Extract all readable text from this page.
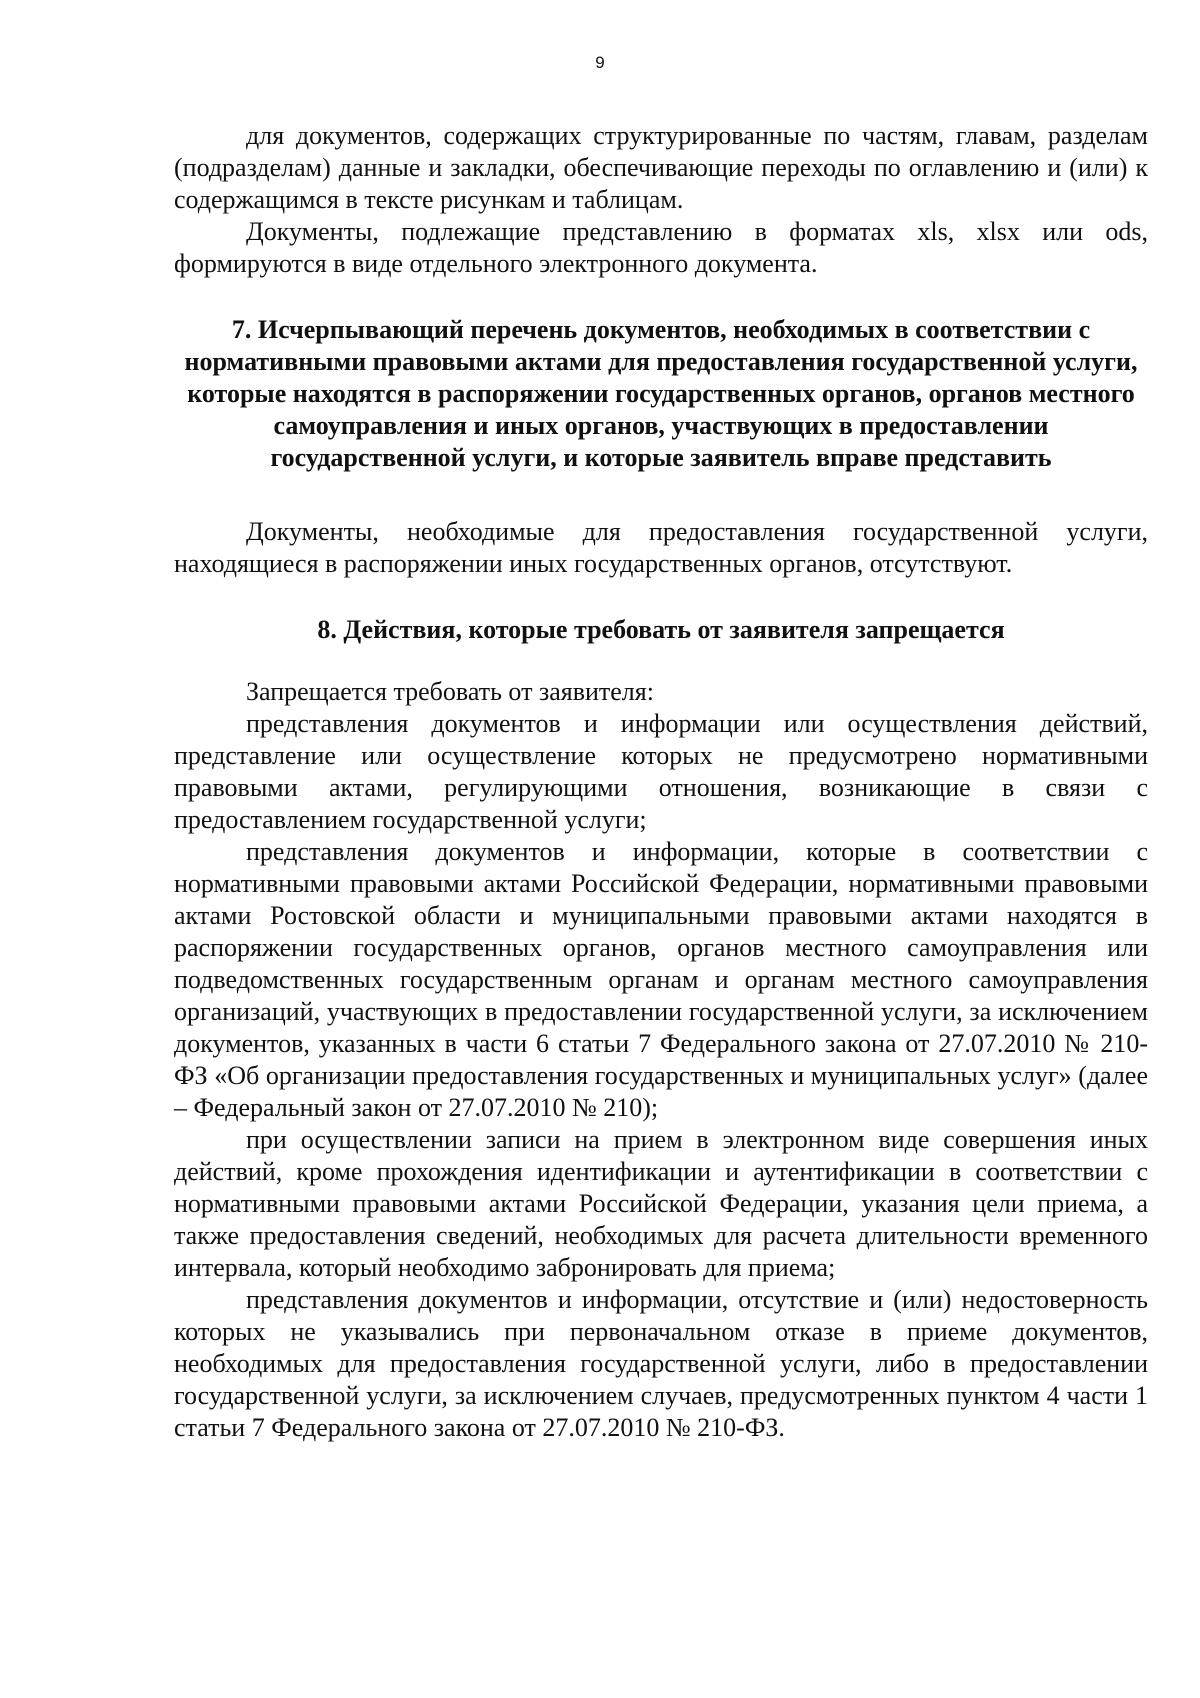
9

для документов, содержащих структурированные по частям, главам, разделам (подразделам) данные и закладки, обеспечивающие переходы по оглавлению и (или) к содержащимся в тексте рисункам и таблицам.

Документы, подлежащие представлению в форматах xls, xlsx или ods, формируются в виде отдельного электронного документа.

7. Исчерпывающий перечень документов, необходимых в соответствии с нормативными правовыми актами для предоставления государственной услуги, которые находятся в распоряжении государственных органов, органов местного самоуправления и иных органов, участвующих в предоставлении государственной услуги, и которые заявитель вправе представить

Документы, необходимые для предоставления государственной услуги, находящиеся в распоряжении иных государственных органов, отсутствуют.

8. Действия, которые требовать от заявителя запрещается

Запрещается требовать от заявителя:

представления документов и информации или осуществления действий, представление или осуществление которых не предусмотрено нормативными правовыми актами, регулирующими отношения, возникающие в связи с предоставлением государственной услуги;

представления документов и информации, которые в соответствии с нормативными правовыми актами Российской Федерации, нормативными правовыми актами Ростовской области и муниципальными правовыми актами находятся в распоряжении государственных органов, органов местного самоуправления или подведомственных государственным органам и органам местного самоуправления организаций, участвующих в предоставлении государственной услуги, за исключением документов, указанных в части 6 статьи 7 Федерального закона от 27.07.2010 № 210-ФЗ «Об организации предоставления государственных и муниципальных услуг» (далее – Федеральный закон от 27.07.2010 № 210);

при осуществлении записи на прием в электронном виде совершения иных действий, кроме прохождения идентификации и аутентификации в соответствии с нормативными правовыми актами Российской Федерации, указания цели приема, а также предоставления сведений, необходимых для расчета длительности временного интервала, который необходимо забронировать для приема;

представления документов и информации, отсутствие и (или) недостоверность которых не указывались при первоначальном отказе в приеме документов, необходимых для предоставления государственной услуги, либо в предоставлении государственной услуги, за исключением случаев, предусмотренных пунктом 4 части 1 статьи 7 Федерального закона от 27.07.2010 № 210-ФЗ.
